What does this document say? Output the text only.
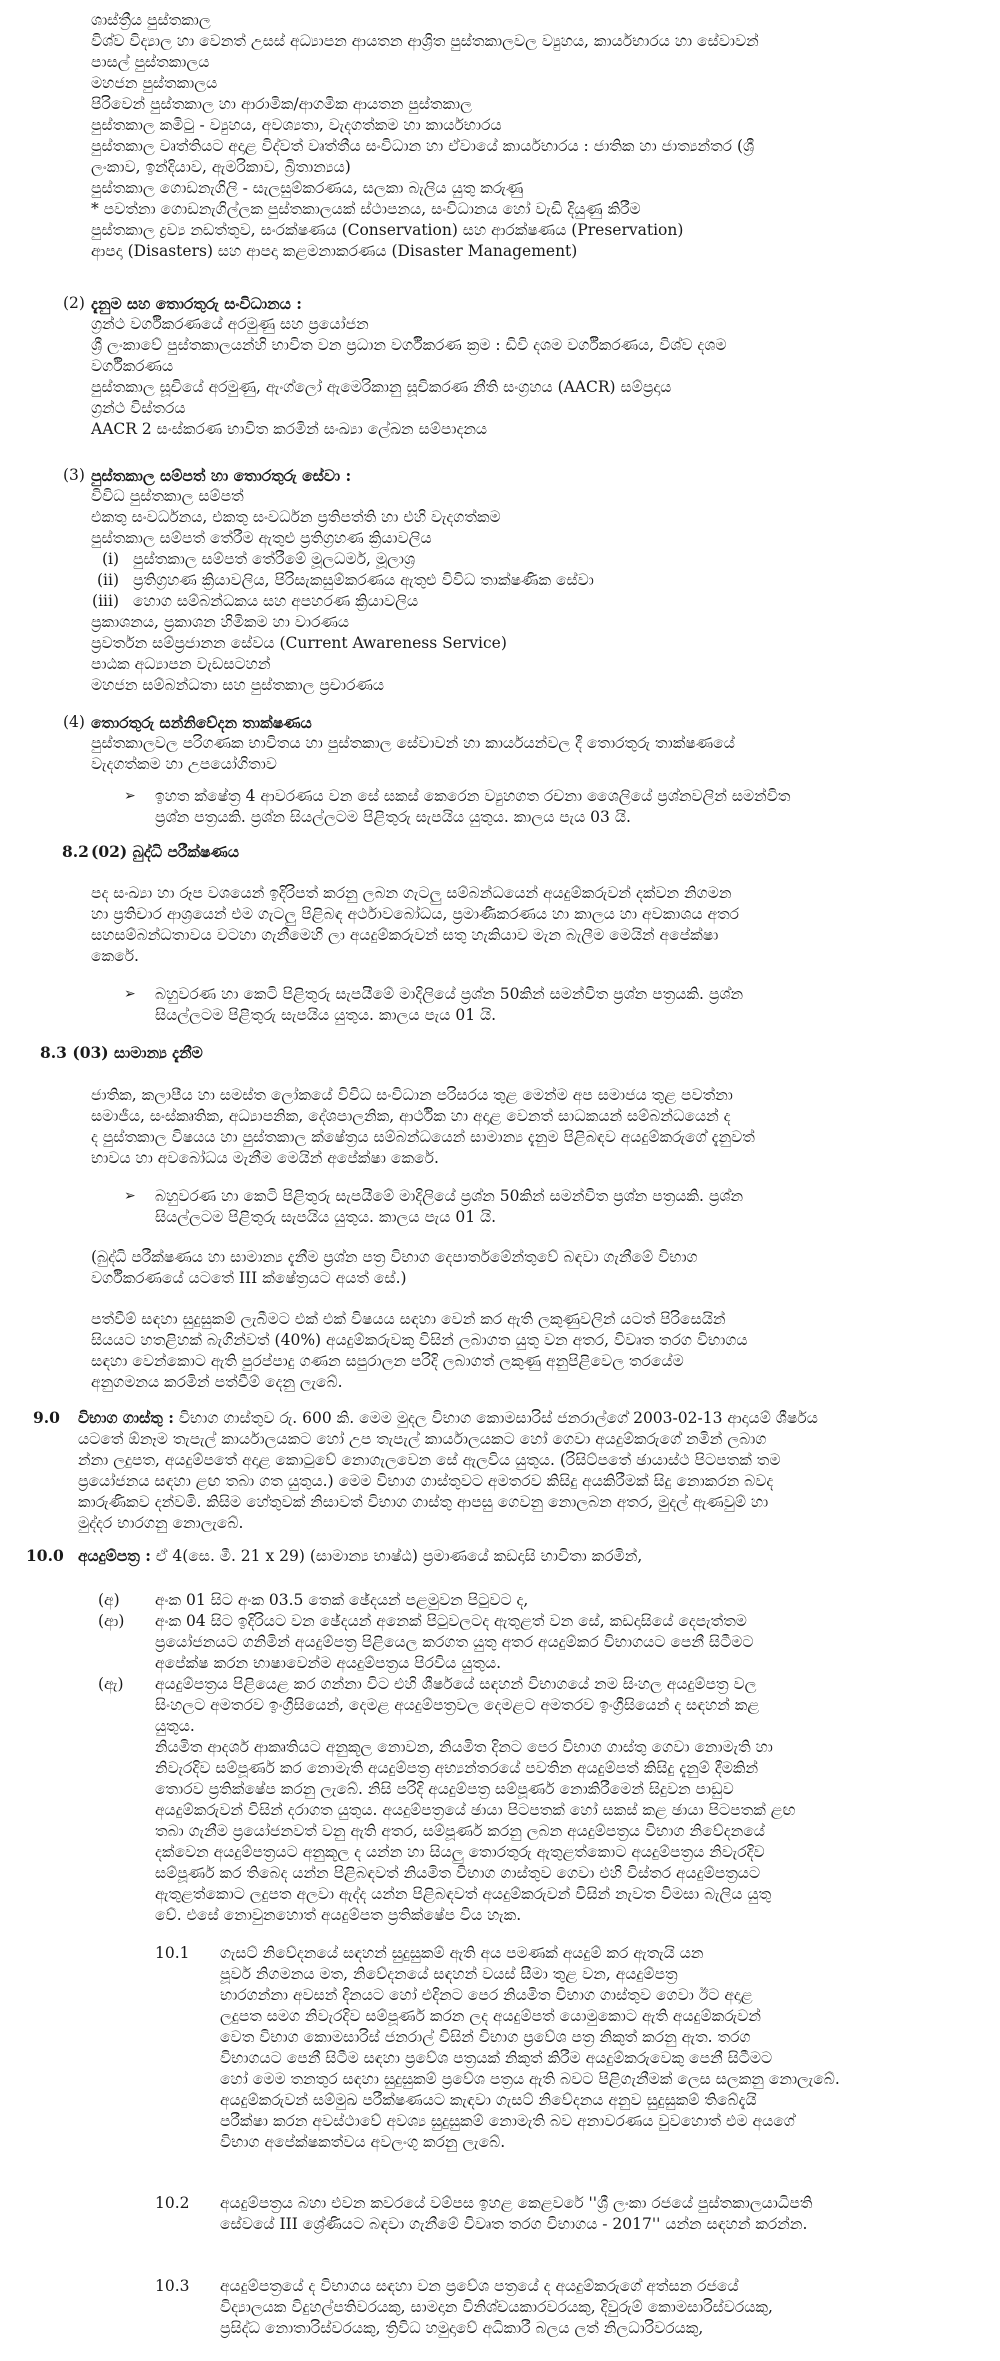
ශාස්ත්‍රීය පුස්තකාල
විශ්ව විද්‍යාල හා වෙනත් උසස් අධ්‍යාපන ආයතන ආශ්‍රිත පුස්තකාලවල ව්‍යුහය, කාර්යභාරය හා සේවාවන්
පාසල් පුස්තකාලය
මහජන පුස්තකාලය
පිරිවෙන් පුස්තකාල හා ආරාමික/ආගමික ආයතන පුස්තකාල
පුස්තකාල කමිටු - ව්‍යුහය, අවශ්‍යතා, වැදගත්කම හා කාර්යභාරය
පුස්තකාල වෘත්තියට අදාළ විද්වත් වෘත්තීය සංවිධාන හා ඒවායේ කාර්යභාරය : ජාතික හා ජාත්‍යන්තර (ශ්‍රී
ලංකාව, ඉන්දියාව, ඇමරිකාව, බ්‍රිතාන්‍යය)
පුස්තකාල ගොඩනැගිලි - සැලසුම්කරණය, සලකා බැලිය යුතු කරුණු
* පවත්නා ගොඩනැගිල්ලක පුස්තකාලයක් ස්ථාපනය, සංවිධානය හෝ වැඩි දියුණු කිරීම
පුස්තකාල ද්‍රව්‍ය නඩත්තුව, සංරක්ෂණය (Conservation) සහ ආරක්ෂණය (Preservation)
ආපදා (Disasters) සහ ආපදා කළමනාකරණය (Disaster Management)
(2) දැනුම සහ තොරතුරු සංවිධානය :
ග්‍රන්ථ වර්ගීකරණයේ අරමුණු සහ ප්‍රයෝජන
ශ්‍රී ලංකාවේ පුස්තකාලයන්හි භාවිත වන ප්‍රධාන වර්ගීකරණ ක්‍රම : ඩිවි දශම වර්ගීකරණය, විශ්ව දශම
වර්ගීකරණය
පුස්තකාල සූචියේ අරමුණු, ඇංග්ලෝ ඇමෙරිකානු සූචිකරණ නීති සංග්‍රහය (AACR) සම්ප්‍රදාය
ග්‍රන්ථ විස්තරය
AACR 2 සංස්කරණ භාවිත කරමින් සංඛ්‍යා ලේඛන සම්පාදනය
(3) පුස්තකාල සම්පත් හා තොරතුරු සේවා :
විවිධ පුස්තකාල සම්පත්
එකතු සංවර්ධනය, එකතු සංවර්ධන ප්‍රතිපත්ති හා එහි වැදගත්කම
පුස්තකාල සම්පත් තේරීම ඇතුළු ප්‍රතිග්‍රහණ ක්‍රියාවලිය
(i) පුස්තකාල සම්පත් තේරීමේ මූලධර්ම, මූලාශ්‍ර
(ii) ප්‍රතිග්‍රහණ ක්‍රියාවලිය, පිරිසැකසුම්කරණය ඇතුළු විවිධ තාක්ෂණික සේවා
(iii) හොග සම්බන්ධකය සහ අපහරණ ක්‍රියාවලිය
ප්‍රකාශනය, ප්‍රකාශන හිමිකම හා වාරණය
ප්‍රවර්තන සම්ප්‍රජානන සේවය (Current Awareness Service)
පාඨක අධ්‍යාපන වැඩසටහන්
මහජන සම්බන්ධතා සහ පුස්තකාල ප්‍රචාරණය
(4) තොරතුරු සන්නිවේදන තාක්ෂණය
පුස්තකාලවල පරිගණක භාවිතය හා පුස්තකාල සේවාවන් හා කාර්යයන්වල දී තොරතුරු තාක්ෂණයේ
වැදගත්කම හා උපයෝගිතාව
➢ ඉහත ක්ෂේත්‍ර 4 ආවරණය වන සේ සකස් කෙරෙන ව්‍යුහගත රචනා ශෛලියේ ප්‍රශ්නවලින් සමන්විත
ප්‍රශ්න පත්‍රයකි. ප්‍රශ්න සියල්ලටම පිළිතුරු සැපයිය යුතුය. කාලය පැය 03 යි.
8.2 (02) බුද්ධි පරීක්ෂණය
පද සංඛ්‍යා හා රූප වශයෙන් ඉදිරිපත් කරනු ලබන ගැටලු සම්බන්ධයෙන් අයදුම්කරුවන් දක්වන නිගමන
හා ප්‍රතිචාර ආශ්‍රයෙන් එම ගැටලු පිළිබඳ අර්ථාවබෝධය, ප්‍රමාණීකරණය හා කාලය හා අවකාශය අතර
සහසම්බන්ධතාවය වටහා ගැනීමෙහි ලා අයදුම්කරුවන් සතු හැකියාව මැන බැලීම මෙයින් අපේක්ෂා
කෙරේ.
➢ බහුවරණ හා කෙටි පිළිතුරු සැපයීමේ මාදිලියේ ප්‍රශ්න 50කින් සමන්විත ප්‍රශ්න පත්‍රයකි. ප්‍රශ්න
සියල්ලටම පිළිතුරු සැපයිය යුතුය. කාලය පැය 01 යි.
8.3 (03) සාමාන්‍ය දැනීම
ජාතික, කලාපීය හා සමස්ත ලෝකයේ විවිධ සංවිධාන පරිසරය තුළ මෙන්ම අප සමාජය තුළ පවත්නා
සමාජීය, සංස්කෘතික, අධ්‍යාපනික, දේශපාලනික, ආර්ථික හා අදාළ වෙනත් සාධකයන් සම්බන්ධයෙන් ද
ද පුස්තකාල විෂයය හා පුස්තකාල ක්ෂේත්‍රය සම්බන්ධයෙන් සාමාන්‍ය දැනුම පිළිබඳව අයදුම්කරුගේ දැනුවත්
භාවය හා අවබෝධය මැනීම මෙයින් අපේක්ෂා කෙරේ.
➢ බහුවරණ හා කෙටි පිළිතුරු සැපයීමේ මාදිලියේ ප්‍රශ්න 50කින් සමන්විත ප්‍රශ්න පත්‍රයකි. ප්‍රශ්න
සියල්ලටම පිළිතුරු සැපයිය යුතුය. කාලය පැය 01 යි.
(බුද්ධි පරීක්ෂණය හා සාමාන්‍ය දැනීම ප්‍රශ්න පත්‍ර විභාග දෙපාර්තමේන්තුවේ බඳවා ගැනීමේ විභාග
වර්ගීකරණයේ යටතේ III ක්ෂේත්‍රයට අයත් සේ.)
පත්වීම් සඳහා සුදුසුකම් ලැබීමට එක් එක් විෂයය සඳහා වෙන් කර ඇති ලකුණුවලින් යටත් පිරිසෙයින්
සියයට හතළිහක් බැගින්වත් (40%) අයදුම්කරුවකු විසින් ලබාගත යුතු වන අතර, විවෘත තරග විභාගය
සඳහා වෙන්කොට ඇති පුරප්පාදු ගණන සපුරාලන පරිදි ලබාගත් ලකුණු අනුපිළිවෙල තරයේම
අනුගමනය කරමින් පත්වීම් දෙනු ලැබේ.
9.0 විභාග ගාස්තු : විභාග ගාස්තුව රු. 600 කි. මෙම මුදල විභාග කොමසාරිස් ජනරාල්ගේ 2003-02-13 ආදායම් ශීර්ෂය
යටතේ ඕනෑම තැපැල් කාර්යාලයකට හෝ උප තැපැල් කාර්යාලයකට හෝ ගෙවා අයදුම්කරුගේ නමින් ලබාග
න්නා ලදුපත, අයදුම්පතේ අදාළ කොටුවේ නොගැලවෙන සේ ඇලවිය යුතුය. (රිසිට්පතේ ඡායාස්ථ පිටපතක් තම
ප්‍රයෝජනය සඳහා ළඟ තබා ගත යුතුය.) මෙම විභාග ගාස්තුවට අමතරව කිසිදු අයකිරීමක් සිදු නොකරන බවද
කාරුණිකව දන්වමි. කිසිම හේතුවක් නිසාවත් විභාග ගාස්තු ආපසු ගෙවනු නොලබන අතර, මුදල් ඇණවුම් හා
මුද්දර භාරගනු නොලැබේ.
10.0 අයදුම්පත්‍ර : ඒ 4(සෙ. මී. 21 x 29) (සාමාන්‍ය භාෂ්ඨ) ප්‍රමාණයේ කඩදාසි භාවිතා කරමින්,
(අ) අංක 01 සිට අංක 03.5 තෙක් ඡේදයන් පළමුවන පිටුවට ද,
(ආ) අංක 04 සිට ඉදිරියට වන ඡේදයන් අනෙක් පිටුවලටද ඇතුළත් වන සේ, කඩදාසියේ දෙපැත්තම
ප්‍රයෝජනයට ගනිමින් අයදුම්පත්‍ර පිළියෙල කරගත යුතු අතර අයදුම්කර විභාගයට පෙනී සිටීමට
අපේක්ෂ කරන භාෂාවෙන්ම අයදුම්පත්‍රය පිරවිය යුතුය.
(ඇ) අයදුම්පත්‍රය පිළියෙළ කර ගන්නා විට එහි ශීර්ෂයේ සඳහන් විභාගයේ නම සිංහල අයදුම්පත්‍ර වල
සිංහලට අමතරව ඉංග්‍රීසියෙන්, දෙමළ අයදුම්පත්‍රවල දෙමළට අමතරව ඉංග්‍රීසියෙන් ද සඳහන් කළ
යුතුය.
නියමිත ආදර්ශ ආකෘතියට අනුකූල නොවන, නියමිත දිනට පෙර විභාග ගාස්තු ගෙවා නොමැති හා
නිවැරදිව සම්පූර්ණ කර නොමැති අයදුම්පත්‍ර අභ්‍යන්තරයේ පවතින අයදුම්පත් කිසිදු දැනුම් දීමකින්
තොරව ප්‍රතික්ෂේප කරනු ලැබේ. නිසි පරිදි අයදුම්පත්‍ර සම්පූර්ණ නොකිරීමෙන් සිදුවන පාඩුව
අයදුම්කරුවන් විසින් දරාගත යුතුය. අයදුම්පත්‍රයේ ඡායා පිටපතක් හෝ සකස් කළ ඡායා පිටපතක් ළඟ
තබා ගැනීම ප්‍රයෝජනවත් වනු ඇති අතර, සම්පූර්ණ කරනු ලබන අයදුම්පත්‍රය විභාග නිවේදනයේ
දක්වෙන අයදුම්පත්‍රයට අනුකූල ද යන්න හා සියලු තොරතුරු ඇතුළත්කොට අයදුම්පත්‍රය නිවැරදිව
සම්පූර්ණ කර තිබෙද යන්න පිළිබඳවත් නියමිත විභාග ගාස්තුව ගෙවා එහි විස්තර අයදුම්පත්‍රයට
ඇතුළත්කොට ලදුපත අලවා ඇද්ද යන්න පිළිබඳවත් අයදුම්කරුවන් විසින් නැවත විමසා බැලිය යුතු
වේ. එසේ නොවුනහොත් අයදුම්පත ප්‍රතික්ෂේප විය හැක.
10.1 ගැසට් නිවේදනයේ සඳහන් සුදුසුකම් ඇති අය පමණක් අයදුම් කර ඇතැයි යන
පූර්ව නිගමනය මත, නිවේදනයේ සඳහන් වයස් සීමා තුළ වන, අයදුම්පත්‍ර
භාරගන්නා අවසන් දිනයට හෝ එදිනට පෙර නියමිත විභාග ගාස්තුව ගෙවා ඊට අදාළ
ලදුපත සමග නිවැරදිව සම්පූර්ණ කරන ලද අයදුම්පත් යොමුකොට ඇති අයදුම්කරුවන්
වෙත විභාග කොමසාරිස් ජනරාල් විසින් විභාග ප්‍රවේශ පත්‍ර නිකුත් කරනු ඇත. තරග
විභාගයට පෙනී සිටීම සඳහා ප්‍රවේශ පත්‍රයක් නිකුත් කිරීම අයදුම්කරුවෙකු පෙනී සිටීමට
හෝ මෙම තනතුර සඳහා සුදුසුකම් ප්‍රවේශ පත්‍රය ඇති බවට පිළිගැනීමක් ලෙස සලකනු නොලැබේ.
අයදුම්කරුවන් සම්මුඛ පරීක්ෂණයට කැඳවා ගැසට් නිවේදනය අනුව සුදුසුකම් තිබේදැයි
පරීක්ෂා කරන අවස්ථාවේ අවශ්‍ය සුදුසුකම් නොමැති බව අනාවරණය වුවහොත් එම අයගේ
විභාග අපේක්ෂකත්වය අවලංගු කරනු ලැබේ.
10.2 අයදුම්පත්‍රය බහා එවන කවරයේ වම්පස ඉහළ කෙළවරේ ''ශ්‍රී ලංකා රජයේ පුස්තකාලයාධිපති
සේවයේ III ශ්‍රේණියට බඳවා ගැනීමේ විවෘත තරග විභාගය - 2017'' යන්න සඳහන් කරන්න.
10.3 අයදුම්පත්‍රයේ ද විභාගය සඳහා වන ප්‍රවේශ පත්‍රයේ ද අයදුම්කරුගේ අත්සන රජයේ
විද්‍යාලයක විදුහල්පතිවරයකු, සාමදාන විනිශ්චයකාරවරයකු, දිවුරුම් කොමසාරිස්වරයකු,
ප්‍රසිද්ධ නොතාරිස්වරයකු, ත්‍රිවිධ හමුදාවේ අධිකාරී බලය ලත් නිලධාරිවරයකු,
